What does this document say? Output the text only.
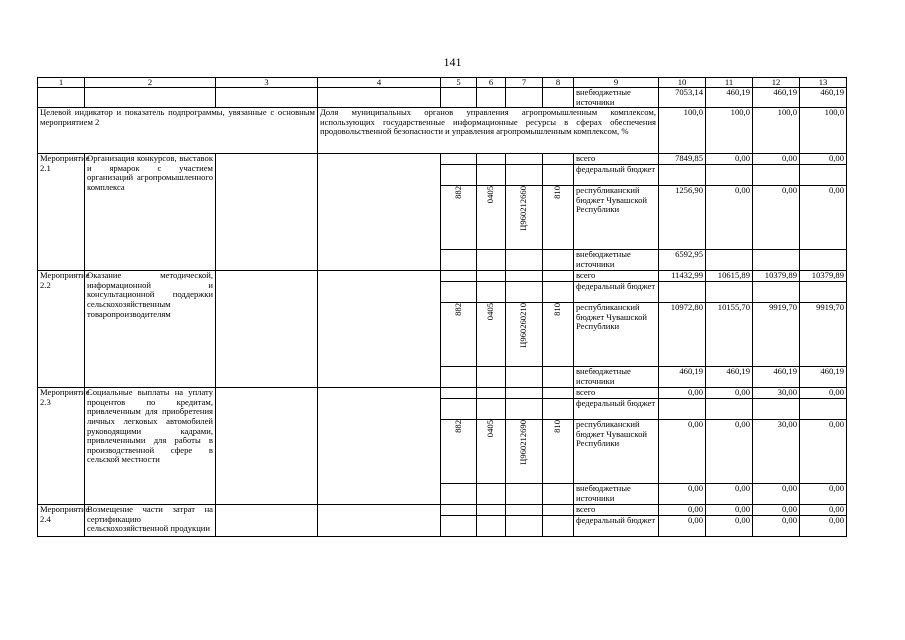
141
1	2	3	4	5	6	7	8	9	10	11	12	13
								внебюджетные источники	7053,14	460,19	460,19	460,19
Целевой индикатор и показатель подпрограммы, увязанные с основным мероприятием 2			Доля муниципальных органов управления агропромышленным комплексом, использующих государственные информационные ресурсы в сферах обеспечения продовольственной безопасности и управления агропромышленным комплексом, %						100,0	100,0	100,0	100,0
Мероприятие 2.1	Организация конкурсов, выставок и ярмарок с участием организаций агропромышленного комплекса							всего	7849,85	0,00	0,00	0,00
								федеральный бюджет				
				882	0405	Ц960212660	810	республиканский бюджет Чувашской Республики	1256,90	0,00	0,00	0,00
								внебюджетные источники	6592,95			
Мероприятие 2.2	Оказание методической, информационной и консультационной поддержки сельскохозяйственным товаропроизводителям							всего	11432,99	10615,89	10379,89	10379,89
								федеральный бюджет				
				882	0405	Ц960260210	810	республиканский бюджет Чувашской Республики	10972,80	10155,70	9919,70	9919,70
								внебюджетные источники	460,19	460,19	460,19	460,19
Мероприятие 2.3	Социальные выплаты на уплату процентов по кредитам, привлеченным для приобретения личных легковых автомобилей руководящими кадрами, привлеченными для работы в производственной сфере в сельской местности							всего	0,00	0,00	30,00	0,00
								федеральный бюджет				
				882	0405	Ц960212690	810	республиканский бюджет Чувашской Республики	0,00	0,00	30,00	0,00
								внебюджетные источники	0,00	0,00	0,00	0,00
Мероприятие 2.4	Возмещение части затрат на сертификацию сельскохозяйственной продукции							всего	0,00	0,00	0,00	0,00
								федеральный бюджет	0,00	0,00	0,00	0,00
